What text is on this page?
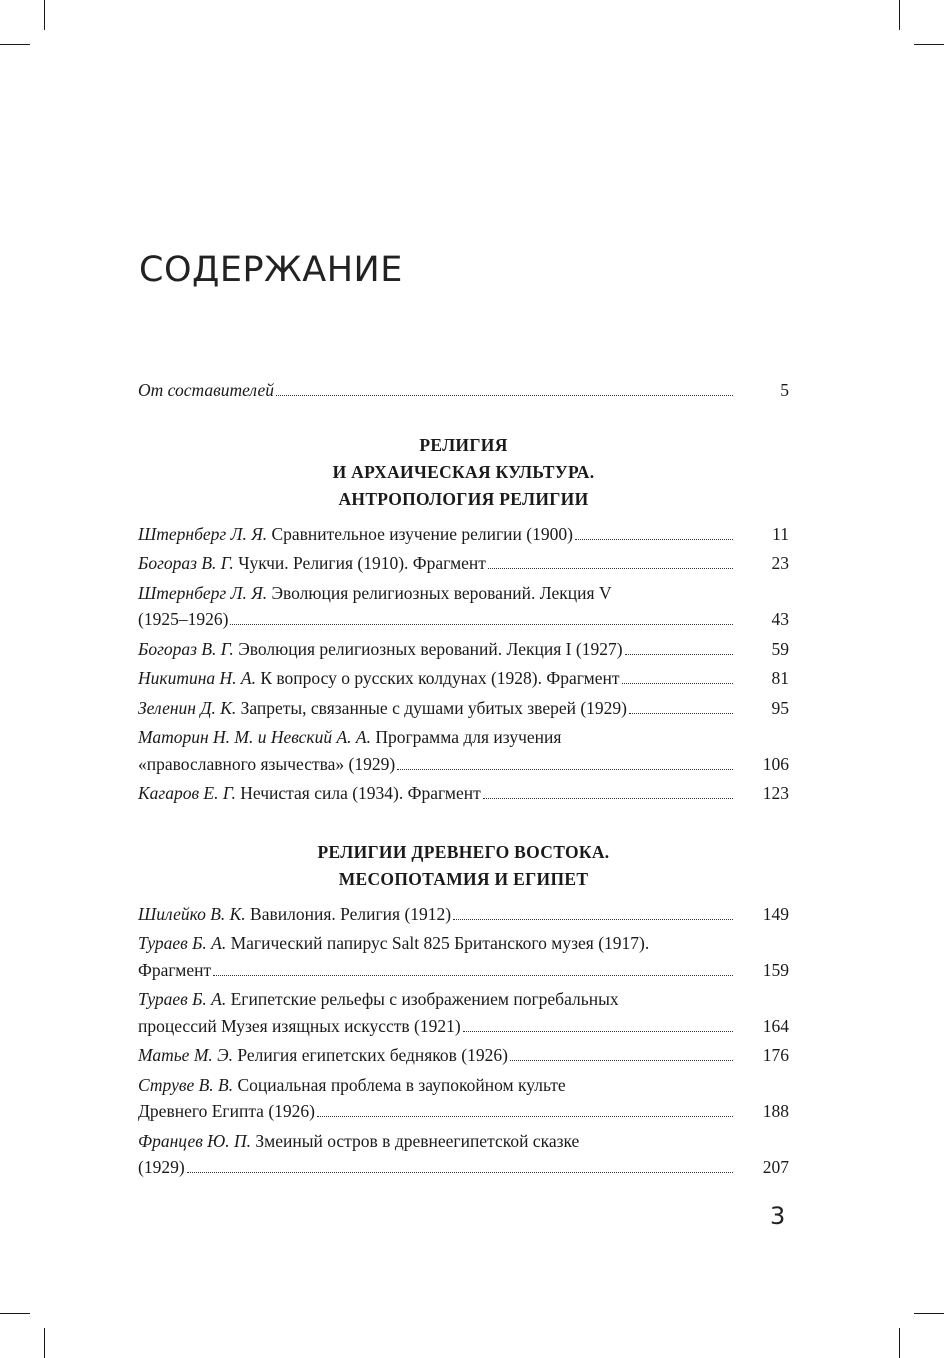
СОДЕРЖАНИЕ
От составителей	5
РЕЛИГИЯ
И АРХАИЧЕСКАЯ КУЛЬТУРА.
АНТРОПОЛОГИЯ РЕЛИГИИ
Штернберг Л. Я. Сравнительное изучение религии (1900)	11
Богораз В. Г. Чукчи. Религия (1910). Фрагмент	23
Штернберг Л. Я. Эволюция религиозных верований. Лекция V
(1925–1926)	43
Богораз В. Г. Эволюция религиозных верований. Лекция I (1927)	59
Никитина Н. А. К вопросу о русских колдунах (1928). Фрагмент	81
Зеленин Д. К. Запреты, связанные с душами убитых зверей (1929)	95
Маторин Н. М. и Невский А. А. Программа для изучения
«православного язычества» (1929)	106
Кагаров Е. Г. Нечистая сила (1934). Фрагмент	123
РЕЛИГИИ ДРЕВНЕГО ВОСТОКА.
МЕСОПОТАМИЯ И ЕГИПЕТ
Шилейко В. К. Вавилония. Религия (1912)	149
Тураев Б. А. Магический папирус Salt 825 Британского музея (1917).
Фрагмент	159
Тураев Б. А. Египетские рельефы с изображением погребальных
процессий Музея изящных искусств (1921)	164
Матье М. Э. Религия египетских бедняков (1926)	176
Струве В. В. Социальная проблема в заупокойном культе
Древнего Египта (1926)	188
Францев Ю. П. Змеиный остров в древнеегипетской сказке
(1929)	207
3
